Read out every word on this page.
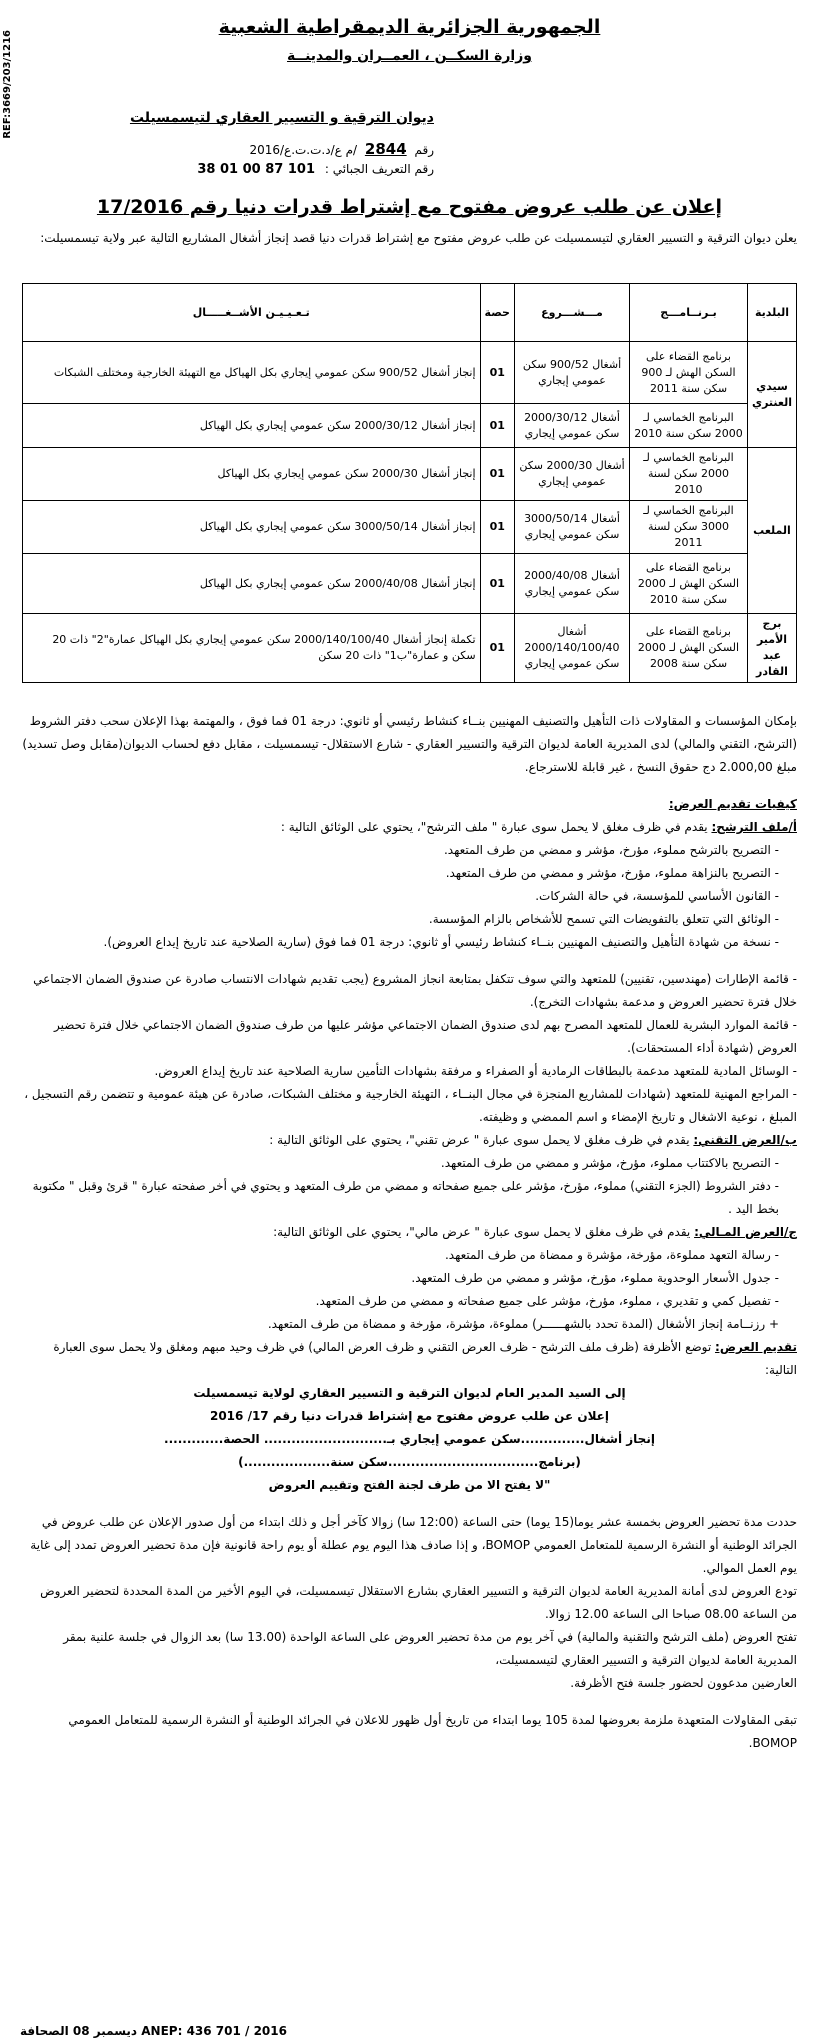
REF:3669/203/1216
الجمهورية الجزائرية الديمقراطية الشعبية
وزارة السكــن ، العمــران والمدينــة
ديوان الترقية و التسيير العقاري لتيسمسيلت
رقم 2844 /م ع/د.ت.ت.ع/2016
رقم التعريف الجبائي : 101 87 00 01 38
إعلان عن طلب عروض مفتوح مع إشتراط قدرات دنيا رقم 17/2016
يعلن ديوان الترقية و التسيير العقاري لتيسمسيلت عن طلب عروض مفتوح مع إشتراط قدرات دنيا قصد إنجاز أشغال المشاريع التالية عبر ولاية تيسمسيلت:
البلدية	بـرنــامـــج	مـــشـــروع	حصة	تـعـيـيـن الأشــغـــــال
سيدي العنتري	برنامج القضاء على السكن الهش لـ 900 سكن سنة 2011	أشغال 900/52 سكن عمومي إيجاري	01	إنجاز أشغال 900/52 سكن عمومي إيجاري بكل الهياكل مع التهيئة الخارجية ومختلف الشبكات
	البرنامج الخماسي لـ 2000 سكن سنة 2010	أشغال 2000/30/12 سكن عمومي إيجاري	01	إنجاز أشغال 2000/30/12 سكن عمومي إيجاري بكل الهياكل
الملعب	البرنامج الخماسي لـ 2000 سكن لسنة 2010	أشغال 2000/30 سكن عمومي إيجاري	01	إنجاز أشغال 2000/30 سكن عمومي إيجاري بكل الهياكل
	البرنامج الخماسي لـ 3000 سكن لسنة 2011	أشغال 3000/50/14 سكن عمومي إيجاري	01	إنجاز أشغال 3000/50/14 سكن عمومي إيجاري بكل الهياكل
	برنامج القضاء على السكن الهش لـ 2000 سكن سنة 2010	أشغال 2000/40/08 سكن عمومي إيجاري	01	إنجاز أشغال 2000/40/08 سكن عمومي إيجاري بكل الهياكل
برج الأمير عبد القادر	برنامج القضاء على السكن الهش لـ 2000 سكن سنة 2008	أشغال 2000/140/100/40 سكن عمومي إيجاري	01	تكملة إنجاز أشغال 2000/140/100/40 سكن عمومي إيجاري بكل الهياكل عمارة"2" ذات 20 سكن و عمارة"ب1" ذات 20 سكن

بإمكان المؤسسات و المقاولات ذات التأهيل والتصنيف المهنيين بنــاء كنشاط رئيسي أو ثانوي: درجة 01 فما فوق ، والمهتمة بهذا الإعلان سحب دفتر الشروط (الترشح، التقني والمالي) لدى المديرية العامة لديوان الترقية والتسيير العقاري - شارع الاستقلال- تيسمسيلت ، مقابل دفع لحساب الديوان(مقابل وصل تسديد) مبلغ 2.000,00 دج حقوق النسخ ، غير قابلة للاسترجاع.

كيفيات تقديم العرض:

أ/ملف الترشح: يقدم في ظرف مغلق لا يحمل سوى عبارة " ملف الترشح"، يحتوي على الوثائق التالية :

- التصريح بالترشح مملوء، مؤرخ، مؤشر و ممضي من طرف المتعهد.

- التصريح بالنزاهة مملوء، مؤرخ، مؤشر و ممضي من طرف المتعهد.

- القانون الأساسي للمؤسسة، في حالة الشركات.

- الوثائق التي تتعلق بالتفويضات التي تسمح للأشخاص بالزام المؤسسة.

- نسخة من شهادة التأهيل والتصنيف المهنيين بنــاء كنشاط رئيسي أو ثانوي: درجة 01 فما فوق (سارية الصلاحية عند تاريخ إيداع العروض).

- قائمة الإطارات (مهندسين، تقنيين) للمتعهد والتي سوف تتكفل بمتابعة انجاز المشروع (يجب تقديم شهادات الانتساب صادرة عن صندوق الضمان الاجتماعي خلال فترة تحضير العروض و مدعمة بشهادات التخرج).

- قائمة الموارد البشرية للعمال للمتعهد المصرح بهم لدى صندوق الضمان الاجتماعي مؤشر عليها من طرف صندوق الضمان الاجتماعي خلال فترة تحضير العروض (شهادة أداء المستحقات).

- الوسائل المادية للمتعهد مدعمة بالبطاقات الرمادية أو الصفراء و مرفقة بشهادات التأمين سارية الصلاحية عند تاريخ إيداع العروض.

- المراجع المهنية للمتعهد (شهادات للمشاريع المنجزة في مجال البنــاء ، التهيئة الخارجية و مختلف الشبكات، صادرة عن هيئة عمومية و تتضمن رقم التسجيل ، المبلغ ، نوعية الاشغال و تاريخ الإمضاء و اسم الممضي و وظيفته.

ب/العرض التقني: يقدم في ظرف مغلق لا يحمل سوى عبارة " عرض تقني"، يحتوي على الوثائق التالية :

- التصريح بالاكتتاب مملوء، مؤرخ، مؤشر و ممضي من طرف المتعهد.

- دفتر الشروط (الجزء التقني) مملوء، مؤرخ، مؤشر على جميع صفحاته و ممضي من طرف المتعهد و يحتوي في أخر صفحته عبارة " قرئ وقبل " مكتوبة بخط اليد .

ج/العرض المـالي: يقدم في ظرف مغلق لا يحمل سوى عبارة " عرض مالي"، يحتوي على الوثائق التالية:

- رسالة التعهد مملوءة، مؤرخة، مؤشرة و ممضاة من طرف المتعهد.

- جدول الأسعار الوحدوية مملوء، مؤرخ، مؤشر و ممضي من طرف المتعهد.

- تفصيل كمي و تقديري ، مملوء، مؤرخ، مؤشر على جميع صفحاته و ممضي من طرف المتعهد.

+ رزنــامة إنجاز الأشغال (المدة تحدد بالشهــــــر) مملوءة، مؤشرة، مؤرخة و ممضاة من طرف المتعهد.

تقديم العرض: توضع الأظرفة (ظرف ملف الترشح - ظرف العرض التقني و ظرف العرض المالي) في ظرف وحيد مبهم ومغلق ولا يحمل سوى العبارة التالية:

إلى السيد المدير العام لديوان الترقية و التسيير العقاري لولاية تيسمسيلت

إعلان عن طلب عروض مفتوح مع إشتراط قدرات دنيا رقم 17/ 2016

إنجاز أشغال..............سكن عمومي إيجاري بـ........................... الحصة.............

(برنامج.................................سكن سنة...................)

"لا يفتح الا من طرف لجنة الفتح وتقييم العروض

حددت مدة تحضير العروض بخمسة عشر يوما(15 يوما) حتى الساعة (12:00 سا) زوالا كآخر أجل و ذلك ابتداء من أول صدور الإعلان عن طلب عروض في الجرائد الوطنية أو النشرة الرسمية للمتعامل العمومي BOMOP، و إذا صادف هذا اليوم يوم عطلة أو يوم راحة قانونية فإن مدة تحضير العروض تمدد إلى غاية يوم العمل الموالي.

تودع العروض لدى أمانة المديرية العامة لديوان الترقية و التسيير العقاري بشارع الاستقلال تيسمسيلت، في اليوم الأخير من المدة المحددة لتحضير العروض من الساعة 08.00 صباحا الى الساعة 12.00 زوالا.

تفتح العروض (ملف الترشح والتقنية والمالية) في آخر يوم من مدة تحضير العروض على الساعة الواحدة (13.00 سا) بعد الزوال في جلسة علنية بمقر المديرية العامة لديوان الترقية و التسيير العقاري لتيسمسيلت،

العارضين مدعوون لحضور جلسة فتح الأظرفة.

تبقى المقاولات المتعهدة ملزمة بعروضها لمدة 105 يوما ابتداء من تاريخ أول ظهور للاعلان في الجرائد الوطنية أو النشرة الرسمية للمتعامل العمومي BOMOP.

ANEP: 436 701 / 2016 ديسمبر 08 الصحافة
